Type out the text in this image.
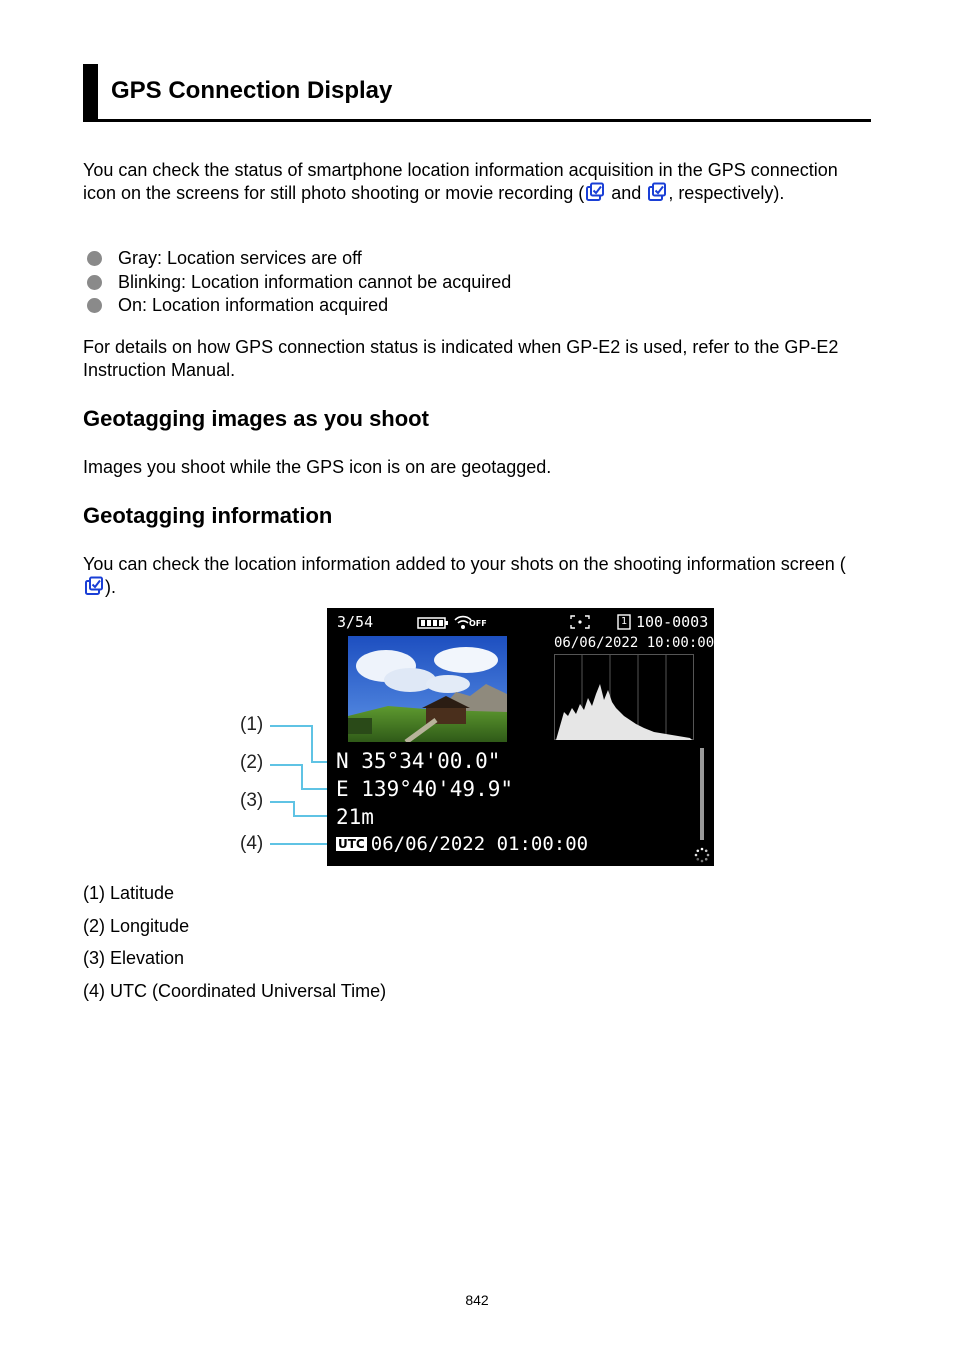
GPS Connection Display

You can check the status of smartphone location information acquisition in the GPS connection icon on the screens for still photo shooting or movie recording ( and , respectively).

Gray: Location services are off
Blinking: Location information cannot be acquired
On: Location information acquired

For details on how GPS connection status is indicated when GP-E2 is used, refer to the GP-E2 Instruction Manual.

Geotagging images as you shoot

Images you shoot while the GPS icon is on are geotagged.

Geotagging information

You can check the location information added to your shots on the shooting information screen ().

(1)
(2)
(3)
(4)
3/54	OFF	1 100-0003
06/06/2022 10:00:00
N 35°34'00.0"
E 139°40'49.9"
21m
UTC 06/06/2022 01:00:00
(1) Latitude
(2) Longitude
(3) Elevation
(4) UTC (Coordinated Universal Time)
842
